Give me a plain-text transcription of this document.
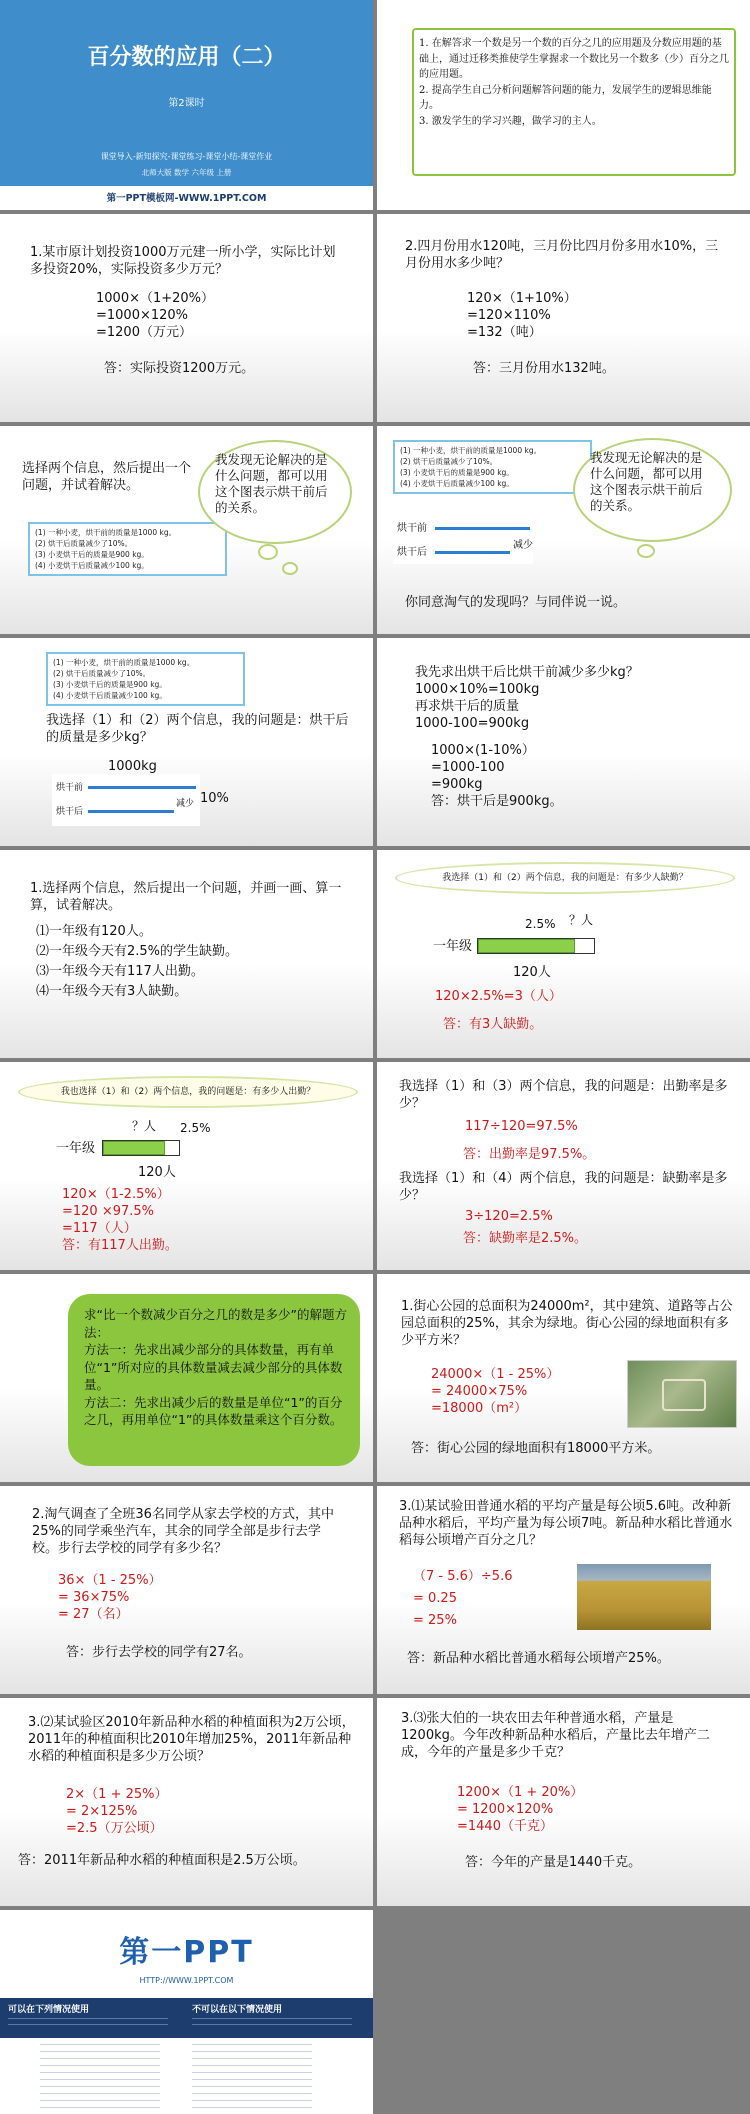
百分数的应用（二）
第2课时
课堂导入-新知探究-课堂练习-课堂小结-课堂作业
北师大版 数学 六年级 上册
第一PPT模板网-WWW.1PPT.COM
1. 在解答求一个数是另一个数的百分之几的应用题及分数应用题的基础上，通过迁移类推使学生掌握求一个数比另一个数多（少）百分之几的应用题。
2. 提高学生自己分析问题解答问题的能力，发展学生的逻辑思维能力。
3. 激发学生的学习兴趣，做学习的主人。
1.某市原计划投资1000万元建一所小学，实际比计划多投资20%，实际投资多少万元？
1000×（1+20%）
=1000×120%
=1200（万元）
答：实际投资1200万元。
2.四月份用水120吨，三月份比四月份多用水10%，三月份用水多少吨？
120×（1+10%）
=120×110%
=132（吨）
答：三月份用水132吨。
选择两个信息，然后提出一个问题，并试着解决。
(1) 一种小麦，烘干前的质量是1000 kg。
(2) 烘干后质量减少了10%。
(3) 小麦烘干后的质量是900 kg。
(4) 小麦烘干后质量减少100 kg。
我发现无论解决的是什么问题，都可以用这个图表示烘干前后的关系。
(1) 一种小麦，烘干前的质量是1000 kg。
(2) 烘干后质量减少了10%。
(3) 小麦烘干后的质量是900 kg。
(4) 小麦烘干后质量减少100 kg。
我发现无论解决的是什么问题，都可以用这个图表示烘干前后的关系。
烘干前
烘干后
减少
你同意淘气的发现吗？与同伴说一说。
(1) 一种小麦，烘干前的质量是1000 kg。
(2) 烘干后质量减少了10%。
(3) 小麦烘干后的质量是900 kg。
(4) 小麦烘干后质量减少100 kg。
我选择（1）和（2）两个信息，我的问题是：烘干后的质量是多少kg？
1000kg
烘干前
烘干后
减少 10%
我先求出烘干后比烘干前减少多少kg？
1000×10%=100kg
再求烘干后的质量
1000-100=900kg
1000×(1-10%）
=1000-100
=900kg
答：烘干后是900kg。
1.选择两个信息，然后提出一个问题，并画一画、算一算，试着解决。
⑴一年级有120人。
⑵一年级今天有2.5%的学生缺勤。
⑶一年级今天有117人出勤。
⑷一年级今天有3人缺勤。
我选择（1）和（2）两个信息，我的问题是：有多少人缺勤？
2.5% ？人
一年级
120人
120×2.5%=3（人）
答：有3人缺勤。
我也选择（1）和（2）两个信息，我的问题是：有多少人出勤？
？人 2.5%
一年级
120人
120×（1-2.5%）
=120 ×97.5%
=117（人）
答：有117人出勤。
我选择（1）和（3）两个信息，我的问题是：出勤率是多少？
117÷120=97.5%
答：出勤率是97.5%。
我选择（1）和（4）两个信息，我的问题是：缺勤率是多少？
3÷120=2.5%
答：缺勤率是2.5%。
求“比一个数减少百分之几的数是多少”的解题方法：
方法一：先求出减少部分的具体数量，再有单位“1”所对应的具体数量减去减少部分的具体数量。
方法二：先求出减少后的数量是单位“1”的百分之几，再用单位“1”的具体数量乘这个百分数。
1.街心公园的总面积为24000m²，其中建筑、道路等占公园总面积的25%，其余为绿地。街心公园的绿地面积有多少平方米？
24000×（1 - 25%）
= 24000×75%
=18000（m²）
答：街心公园的绿地面积有18000平方米。
2.淘气调查了全班36名同学从家去学校的方式，其中25%的同学乘坐汽车，其余的同学全部是步行去学校。步行去学校的同学有多少名？
36×（1 - 25%）
= 36×75%
= 27（名）
答：步行去学校的同学有27名。
3.⑴某试验田普通水稻的平均产量是每公顷5.6吨。改种新品种水稻后，平均产量为每公顷7吨。新品种水稻比普通水稻每公顷增产百分之几？
（7 - 5.6）÷5.6
= 0.25
= 25%
答：新品种水稻比普通水稻每公顷增产25%。
3.⑵某试验区2010年新品种水稻的种植面积为2万公顷，2011年的种植面积比2010年增加25%，2011年新品种水稻的种植面积是多少万公顷？
2×（1 + 25%）
= 2×125%
=2.5（万公顷）
答：2011年新品种水稻的种植面积是2.5万公顷。
3.⑶张大伯的一块农田去年种普通水稻，产量是1200kg。今年改种新品种水稻后，产量比去年增产二成，今年的产量是多少千克？
1200×（1 + 20%）
= 1200×120%
=1440（千克）
答：今年的产量是1440千克。
第一PPT
HTTP://WWW.1PPT.COM
可以在下列情况使用	不可以在以下情况使用
